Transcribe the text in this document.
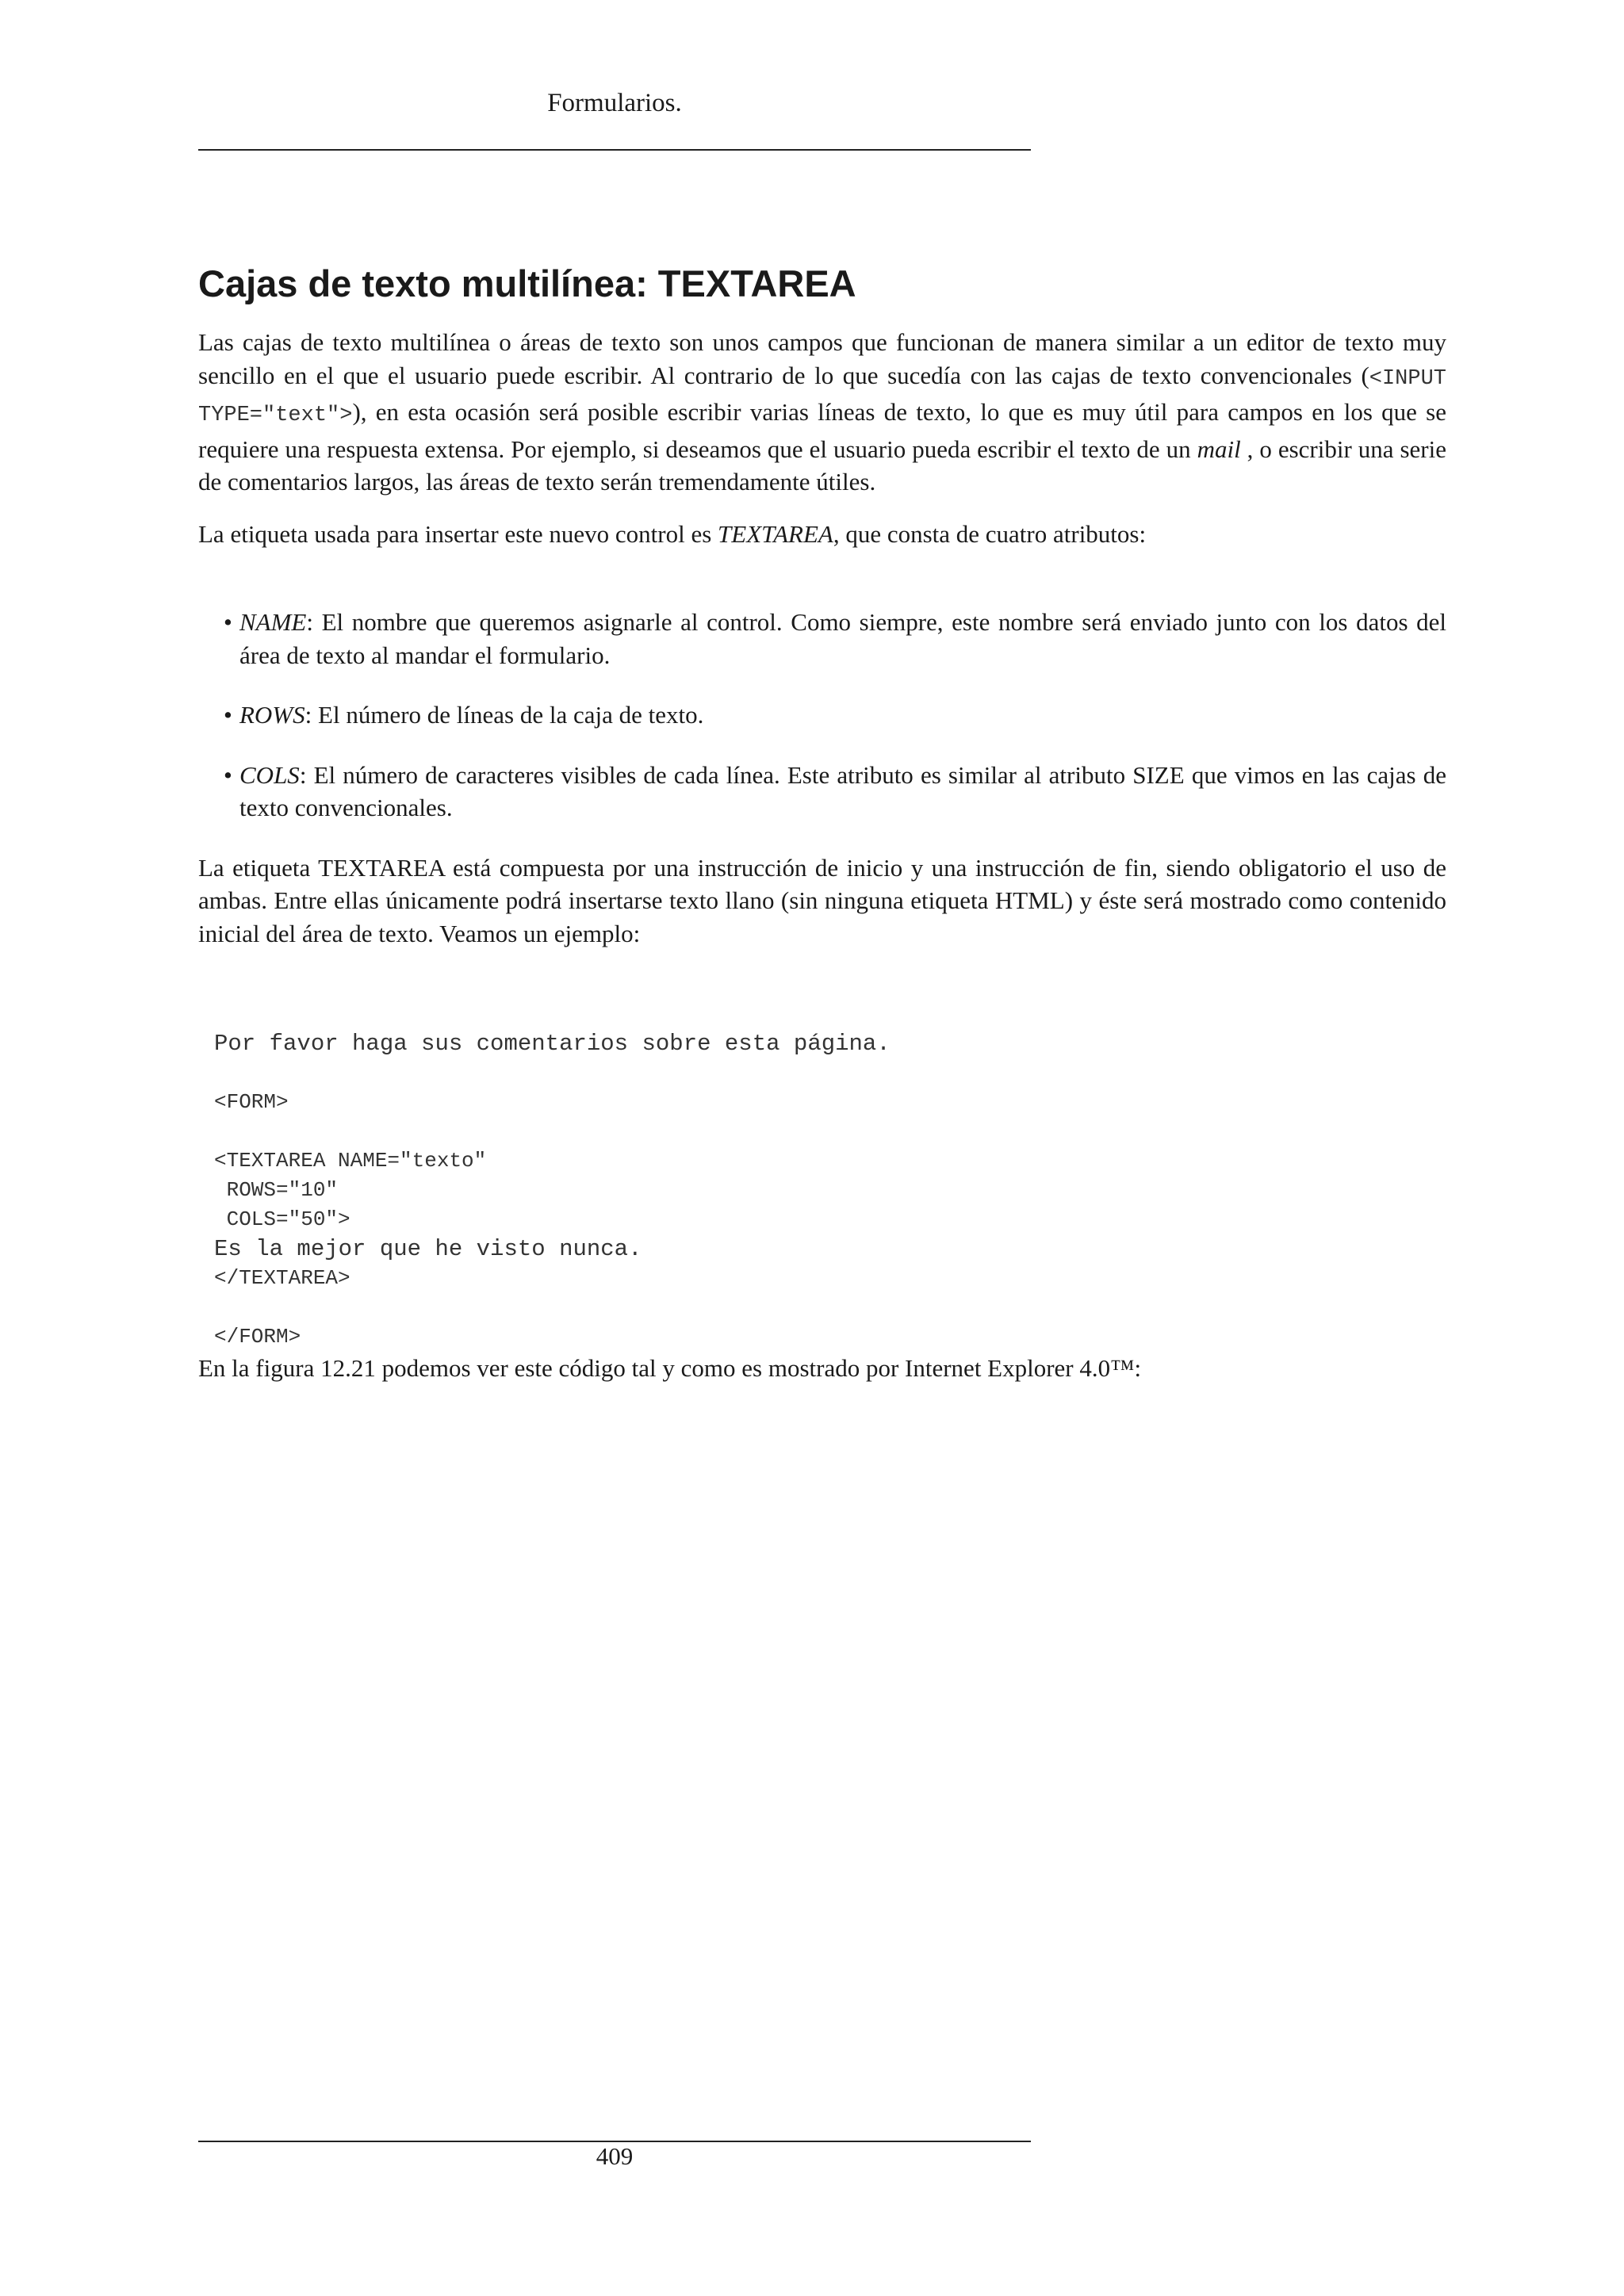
Formularios.
Cajas de texto multilínea: TEXTAREA

Las cajas de texto multilínea o áreas de texto son unos campos que funcionan de manera similar a un editor de texto muy sencillo en el que el usuario puede escribir. Al contrario de lo que sucedía con las cajas de texto convencionales (<INPUT TYPE="text">), en esta ocasión será posible escribir varias líneas de texto, lo que es muy útil para campos en los que se requiere una respuesta extensa. Por ejemplo, si deseamos que el usuario pueda escribir el texto de un mail , o escribir una serie de comentarios largos, las áreas de texto serán tremendamente útiles.

La etiqueta usada para insertar este nuevo control es TEXTAREA, que consta de cuatro atributos:

• NAME: El nombre que queremos asignarle al control. Como siempre, este nombre será enviado junto con los datos del área de texto al mandar el formulario.
• ROWS: El número de líneas de la caja de texto.
• COLS: El número de caracteres visibles de cada línea. Este atributo es similar al atributo SIZE que vimos en las cajas de texto convencionales.

La etiqueta TEXTAREA está compuesta por una instrucción de inicio y una instrucción de fin, siendo obligatorio el uso de ambas. Entre ellas únicamente podrá insertarse texto llano (sin ninguna etiqueta HTML) y éste será mostrado como contenido inicial del área de texto. Veamos un ejemplo:

Por favor haga sus comentarios sobre esta página.
<FORM>
<TEXTAREA NAME="texto"
ROWS="10"
COLS="50">
Es la mejor que he visto nunca.
</TEXTAREA>
</FORM>

En la figura 12.21 podemos ver este código tal y como es mostrado por Internet Explorer 4.0™:

409
